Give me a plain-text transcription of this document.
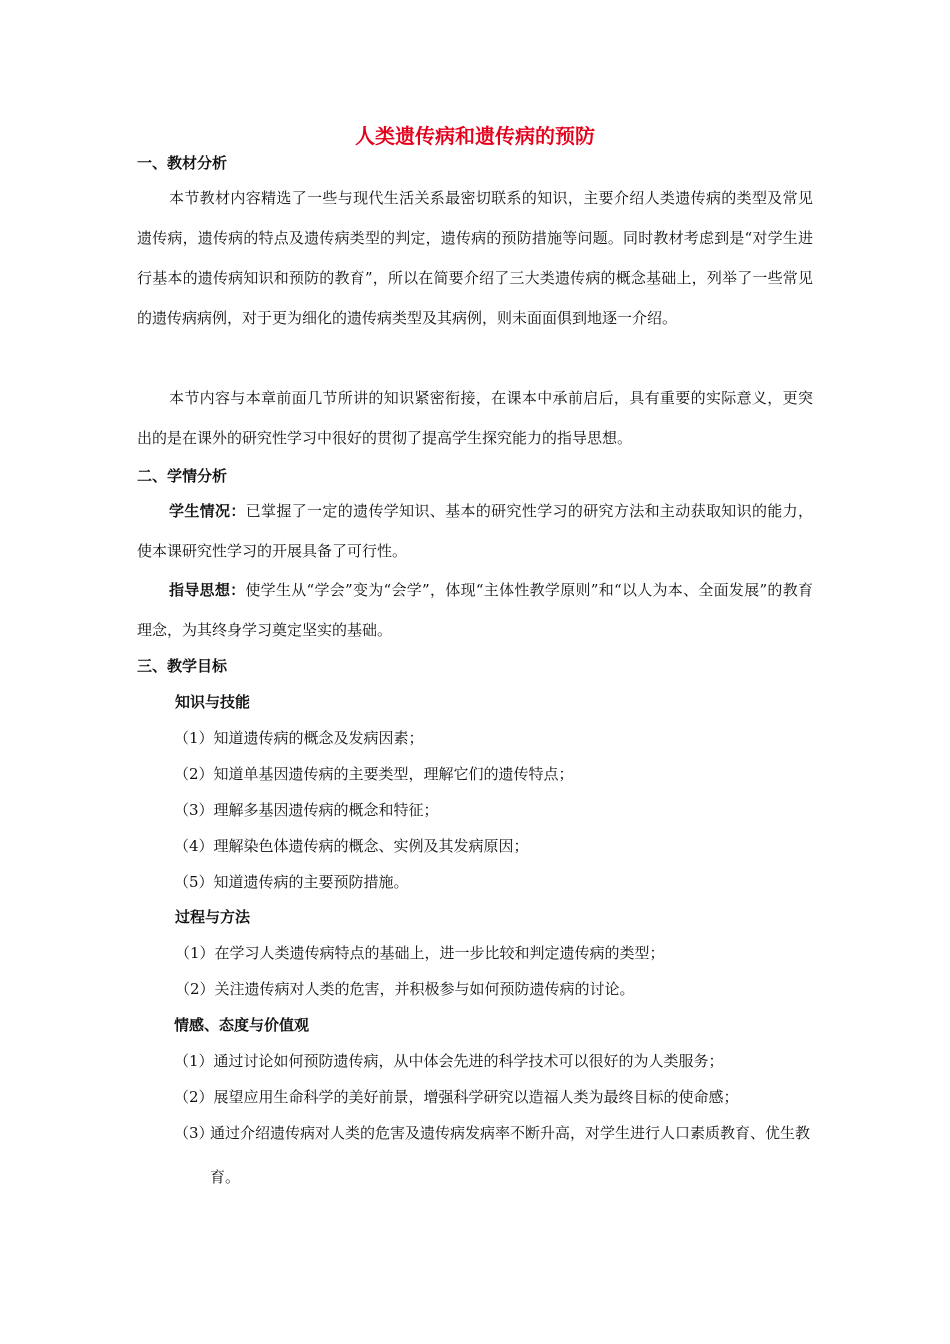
人类遗传病和遗传病的预防
一、教材分析

本节教材内容精选了一些与现代生活关系最密切联系的知识，主要介绍人类遗传病的类型及常见遗传病，遗传病的特点及遗传病类型的判定，遗传病的预防措施等问题。同时教材考虑到是“对学生进行基本的遗传病知识和预防的教育”，所以在简要介绍了三大类遗传病的概念基础上，列举了一些常见的遗传病病例，对于更为细化的遗传病类型及其病例，则未面面俱到地逐一介绍。

本节内容与本章前面几节所讲的知识紧密衔接，在课本中承前启后，具有重要的实际意义，更突出的是在课外的研究性学习中很好的贯彻了提高学生探究能力的指导思想。

二、学情分析

学生情况：已掌握了一定的遗传学知识、基本的研究性学习的研究方法和主动获取知识的能力，使本课研究性学习的开展具备了可行性。

指导思想：使学生从“学会”变为“会学”，体现“主体性教学原则”和“以人为本、全面发展”的教育理念，为其终身学习奠定坚实的基础。

三、教学目标
知识与技能
（1）知道遗传病的概念及发病因素；
（2）知道单基因遗传病的主要类型，理解它们的遗传特点；
（3）理解多基因遗传病的概念和特征；
（4）理解染色体遗传病的概念、实例及其发病原因；
（5）知道遗传病的主要预防措施。
过程与方法
（1）在学习人类遗传病特点的基础上，进一步比较和判定遗传病的类型；
（2）关注遗传病对人类的危害，并积极参与如何预防遗传病的讨论。
情感、态度与价值观
（1）通过讨论如何预防遗传病，从中体会先进的科学技术可以很好的为人类服务；
（2）展望应用生命科学的美好前景，增强科学研究以造福人类为最终目标的使命感；
（3）
通过介绍遗传病对人类的危害及遗传病发病率不断升高，对学生进行人口素质教育、优生教育。
